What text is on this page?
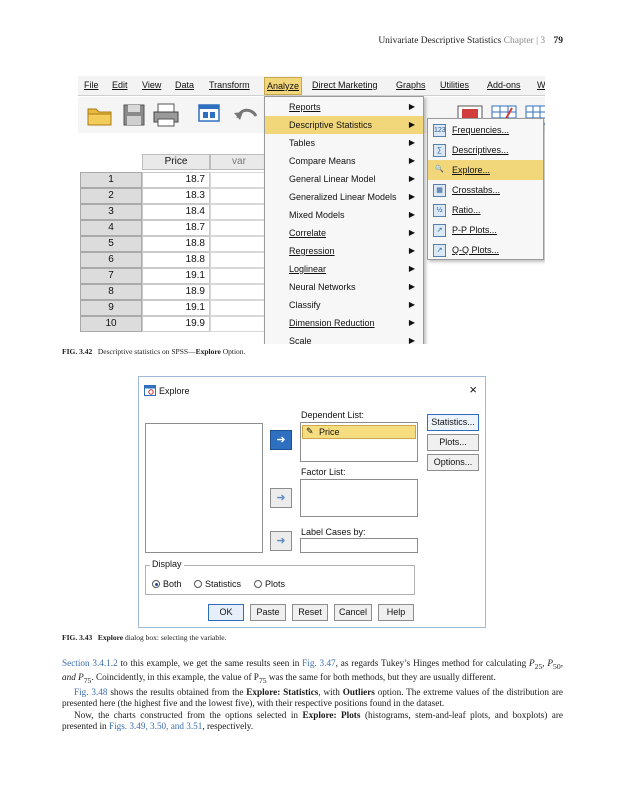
Univariate Descriptive Statistics Chapter | 3 79
File Edit View Data Transform	Analyze	Direct Marketing Graphs Utilities Add-ons W
Price	var
1	18.7
2	18.3
3	18.4
4	18.7
5	18.8
6	18.8
7	19.1
8	18.9
9	19.1
10	19.9
Reports	▶
Descriptive Statistics	▶
Tables	▶
Compare Means	▶
General Linear Model	▶
Generalized Linear Models ▶
Mixed Models	▶
Correlate	▶
Regression	▶
Loglinear	▶
Neural Networks	▶
Classify	▶
Dimension Reduction	▶
Scale	▶
123 Frequencies...
∑	Descriptives...
🔍 Explore...
▦	Crosstabs...
½	Ratio...
↗	P-P Plots...
↗	Q-Q Plots...
FIG. 3.42 Descriptive statistics on SPSS—Explore Option.
Explore	×
➜
➜
➜
Dependent List:
✎ Price
Factor List:
Label Cases by:
Statistics...
Plots...
Options...
Display
Both	Statistics	Plots
OK	Paste	Reset	Cancel	Help
FIG. 3.43 Explore dialog box: selecting the variable.

Section 3.4.1.2 to this example, we get the same results seen in Fig. 3.47, as regards Tukey’s Hinges method for calculating $P_{25}$, $P_{50}$, and $P_{75}$. Coincidently, in this example, the value of $P_{75}$ was the same for both methods, but they are usually different.

Fig. 3.48 shows the results obtained from the Explore: Statistics, with Outliers option. The extreme values of the distribution are presented here (the highest five and the lowest five), with their respective positions found in the dataset.

Now, the charts constructed from the options selected in Explore: Plots (histograms, stem-and-leaf plots, and boxplots) are presented in Figs. 3.49, 3.50, and 3.51, respectively.
